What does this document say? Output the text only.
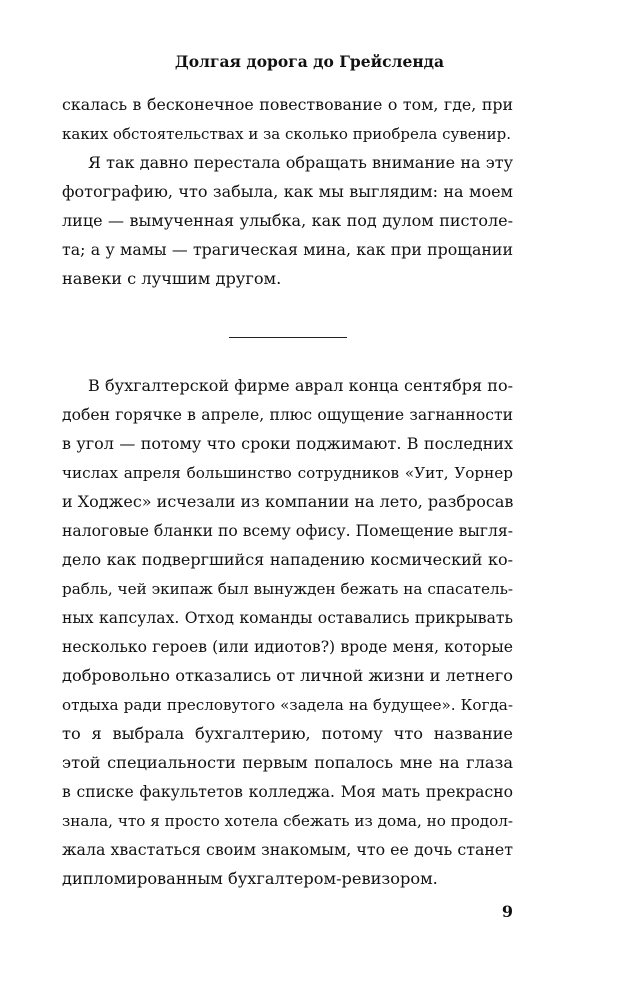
Долгая дорога до Грейсленда
скалась в бесконечное повествование о том, где, при
каких обстоятельствах и за сколько приобрела сувенир.
Я так давно перестала обращать внимание на эту
фотографию, что забыла, как мы выглядим: на моем
лице — вымученная улыбка, как под дулом пистоле-
та; а у мамы — трагическая мина, как при прощании
навеки с лучшим другом.
В бухгалтерской фирме аврал конца сентября по-
добен горячке в апреле, плюс ощущение загнанности
в угол — потому что сроки поджимают. В последних
числах апреля большинство сотрудников «Уит, Уорнер
и Ходжес» исчезали из компании на лето, разбросав
налоговые бланки по всему офису. Помещение выгля-
дело как подвергшийся нападению космический ко-
рабль, чей экипаж был вынужден бежать на спасатель-
ных капсулах. Отход команды оставались прикрывать
несколько героев (или идиотов?) вроде меня, которые
добровольно отказались от личной жизни и летнего
отдыха ради пресловутого «задела на будущее». Когда-
то я выбрала бухгалтерию, потому что название
этой специальности первым попалось мне на глаза
в списке факультетов колледжа. Моя мать прекрасно
знала, что я просто хотела сбежать из дома, но продол-
жала хвастаться своим знакомым, что ее дочь станет
дипломированным бухгалтером-ревизором.
9
